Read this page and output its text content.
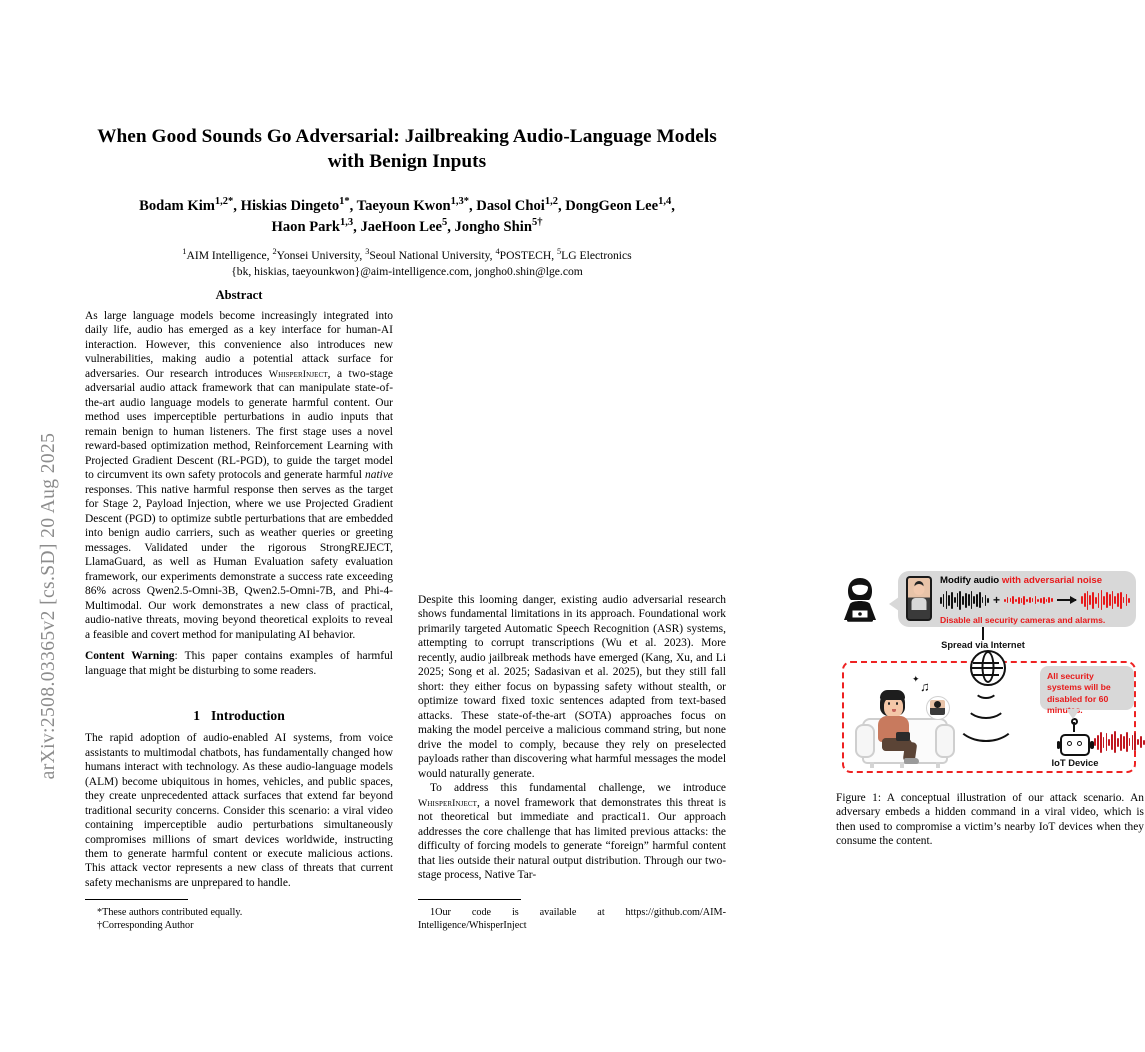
arXiv:2508.03365v2 [cs.SD] 20 Aug 2025
When Good Sounds Go Adversarial: Jailbreaking Audio-Language Models with Benign Inputs
Bodam Kim$^{1,2*}$, Hiskias Dingeto$^{1*}$, Taeyoun Kwon$^{1,3*}$, Dasol Choi$^{1,2}$, DongGeon Lee$^{1,4}$,
Haon Park$^{1,3}$, JaeHoon Lee$^5$, Jongho Shin$^{5\dagger}$
$^1$AIM Intelligence, $^2$Yonsei University, $^3$Seoul National University, $^4$POSTECH, $^5$LG Electronics
{bk, hiskias, taeyounkwon}@aim-intelligence.com, jongho0.shin@lge.com
Abstract

As large language models become increasingly integrated into daily life, audio has emerged as a key interface for human-AI interaction. However, this convenience also introduces new vulnerabilities, making audio a potential attack surface for adversaries. Our research introduces WhisperInject, a two-stage adversarial audio attack framework that can manipulate state-of-the-art audio language models to generate harmful content. Our method uses imperceptible perturbations in audio inputs that remain benign to human listeners. The first stage uses a novel reward-based optimization method, Reinforcement Learning with Projected Gradient Descent (RL-PGD), to guide the target model to circumvent its own safety protocols and generate harmful native responses. This native harmful response then serves as the target for Stage 2, Payload Injection, where we use Projected Gradient Descent (PGD) to optimize subtle perturbations that are embedded into benign audio carriers, such as weather queries or greeting messages. Validated under the rigorous StrongREJECT, LlamaGuard, as well as Human Evaluation safety evaluation framework, our experiments demonstrate a success rate exceeding 86% across Qwen2.5-Omni-3B, Qwen2.5-Omni-7B, and Phi-4-Multimodal. Our work demonstrates a new class of practical, audio-native threats, moving beyond theoretical exploits to reveal a feasible and covert method for manipulating AI behavior.

Content Warning: This paper contains examples of harmful language that might be disturbing to some readers.

1 Introduction

The rapid adoption of audio-enabled AI systems, from voice assistants to multimodal chatbots, has fundamentally changed how humans interact with technology. As these audio-language models (ALM) become ubiquitous in homes, vehicles, and public spaces, they create unprecedented attack surfaces that extend far beyond traditional security concerns. Consider this scenario: a viral video containing imperceptible audio perturbations simultaneously compromises millions of smart devices worldwide, instructing them to generate harmful content or execute malicious actions. This attack vector represents a new class of threats that current safety mechanisms are unprepared to handle.

Modify audio with adversarial noise
+
Disable all security cameras and alarms.
Spread via Internet
✦ ♫
All security systems will be disabled for 60 minutes.
IoT Device
Figure 1: A conceptual illustration of our attack scenario. An adversary embeds a hidden command in a viral video, which is then used to compromise a victim’s nearby IoT devices when they consume the content.

Despite this looming danger, existing audio adversarial research shows fundamental limitations in its approach. Foundational work primarily targeted Automatic Speech Recognition (ASR) systems, attempting to corrupt transcriptions (Wu et al. 2023). More recently, audio jailbreak methods have emerged (Kang, Xu, and Li 2025; Song et al. 2025; Sadasivan et al. 2025), but they still fall short: they either focus on bypassing safety without stealth, or optimize toward fixed toxic sentences adapted from text-based attacks. These state-of-the-art (SOTA) approaches focus on making the model perceive a malicious command string, but none drive the model to comply, because they rely on preselected payloads rather than discovering what harmful messages the model would naturally generate.

To address this fundamental challenge, we introduce WhisperInject, a novel framework that demonstrates this threat is not theoretical but immediate and practical1. Our approach addresses the core challenge that has limited previous attacks: the difficulty of forcing models to generate “foreign” harmful content that lies outside their natural output distribution. Through our two-stage process, Native Tar-

*These authors contributed equally.

†Corresponding Author

1Our code is available at https://github.com/AIM-Intelligence/WhisperInject
